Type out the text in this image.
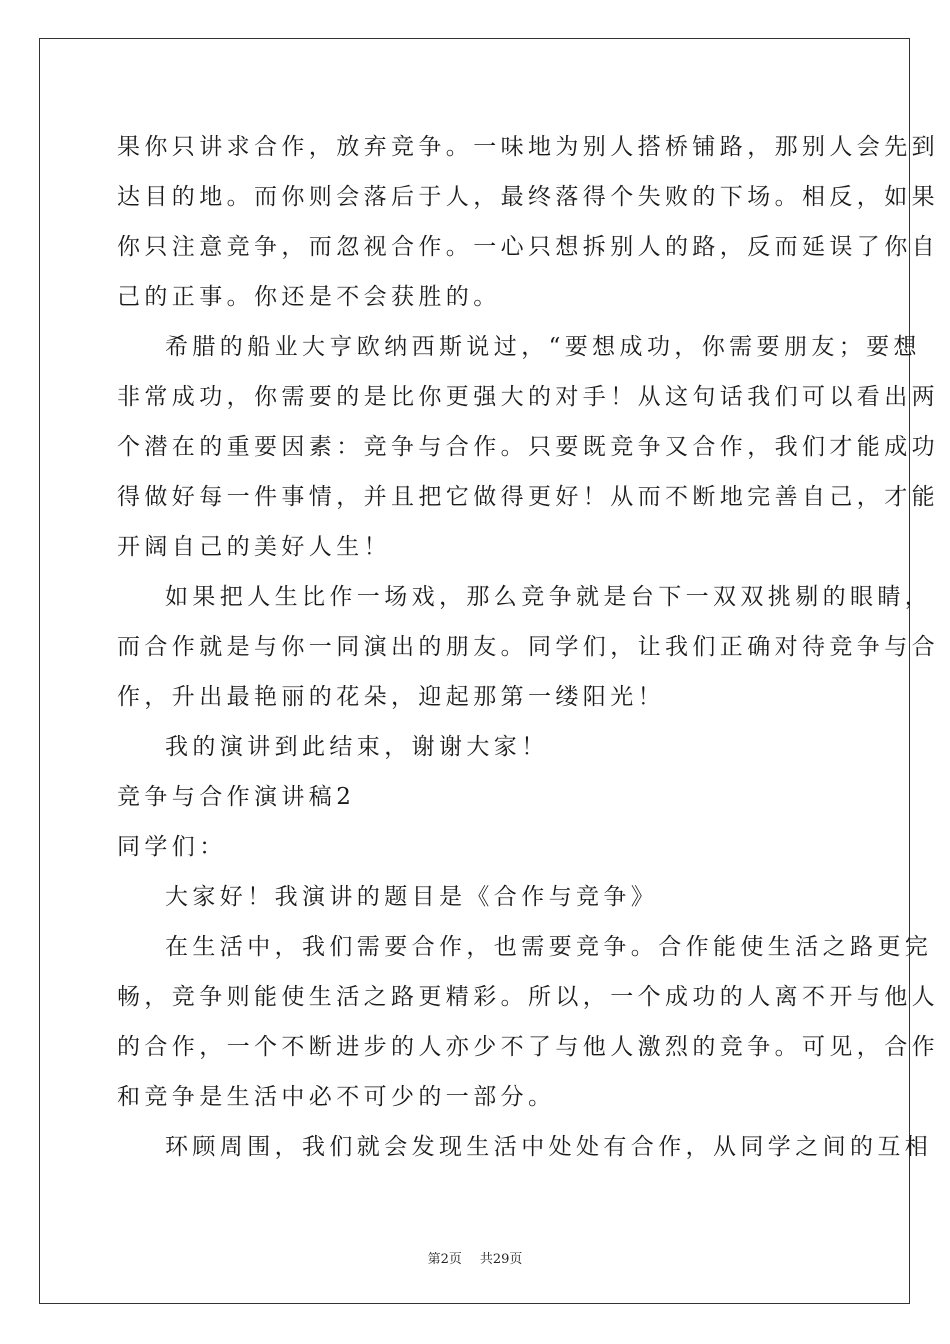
果你只讲求合作，放弃竞争。一味地为别人搭桥铺路，那别人会先到
达目的地。而你则会落后于人，最终落得个失败的下场。相反，如果
你只注意竞争，而忽视合作。一心只想拆别人的路，反而延误了你自
己的正事。你还是不会获胜的。
希腊的船业大亨欧纳西斯说过，“要想成功，你需要朋友；要想
非常成功，你需要的是比你更强大的对手！从这句话我们可以看出两
个潜在的重要因素：竞争与合作。只要既竞争又合作，我们才能成功
得做好每一件事情，并且把它做得更好！从而不断地完善自己，才能
开阔自己的美好人生！
如果把人生比作一场戏，那么竞争就是台下一双双挑剔的眼睛，
而合作就是与你一同演出的朋友。同学们，让我们正确对待竞争与合
作，升出最艳丽的花朵，迎起那第一缕阳光！
我的演讲到此结束，谢谢大家！
竞争与合作演讲稿2
同学们：
大家好！我演讲的题目是《合作与竞争》
在生活中，我们需要合作，也需要竞争。合作能使生活之路更完
畅，竞争则能使生活之路更精彩。所以，一个成功的人离不开与他人
的合作，一个不断进步的人亦少不了与他人激烈的竞争。可见，合作
和竞争是生活中必不可少的一部分。
环顾周围，我们就会发现生活中处处有合作，从同学之间的互相
第2页 共29页
